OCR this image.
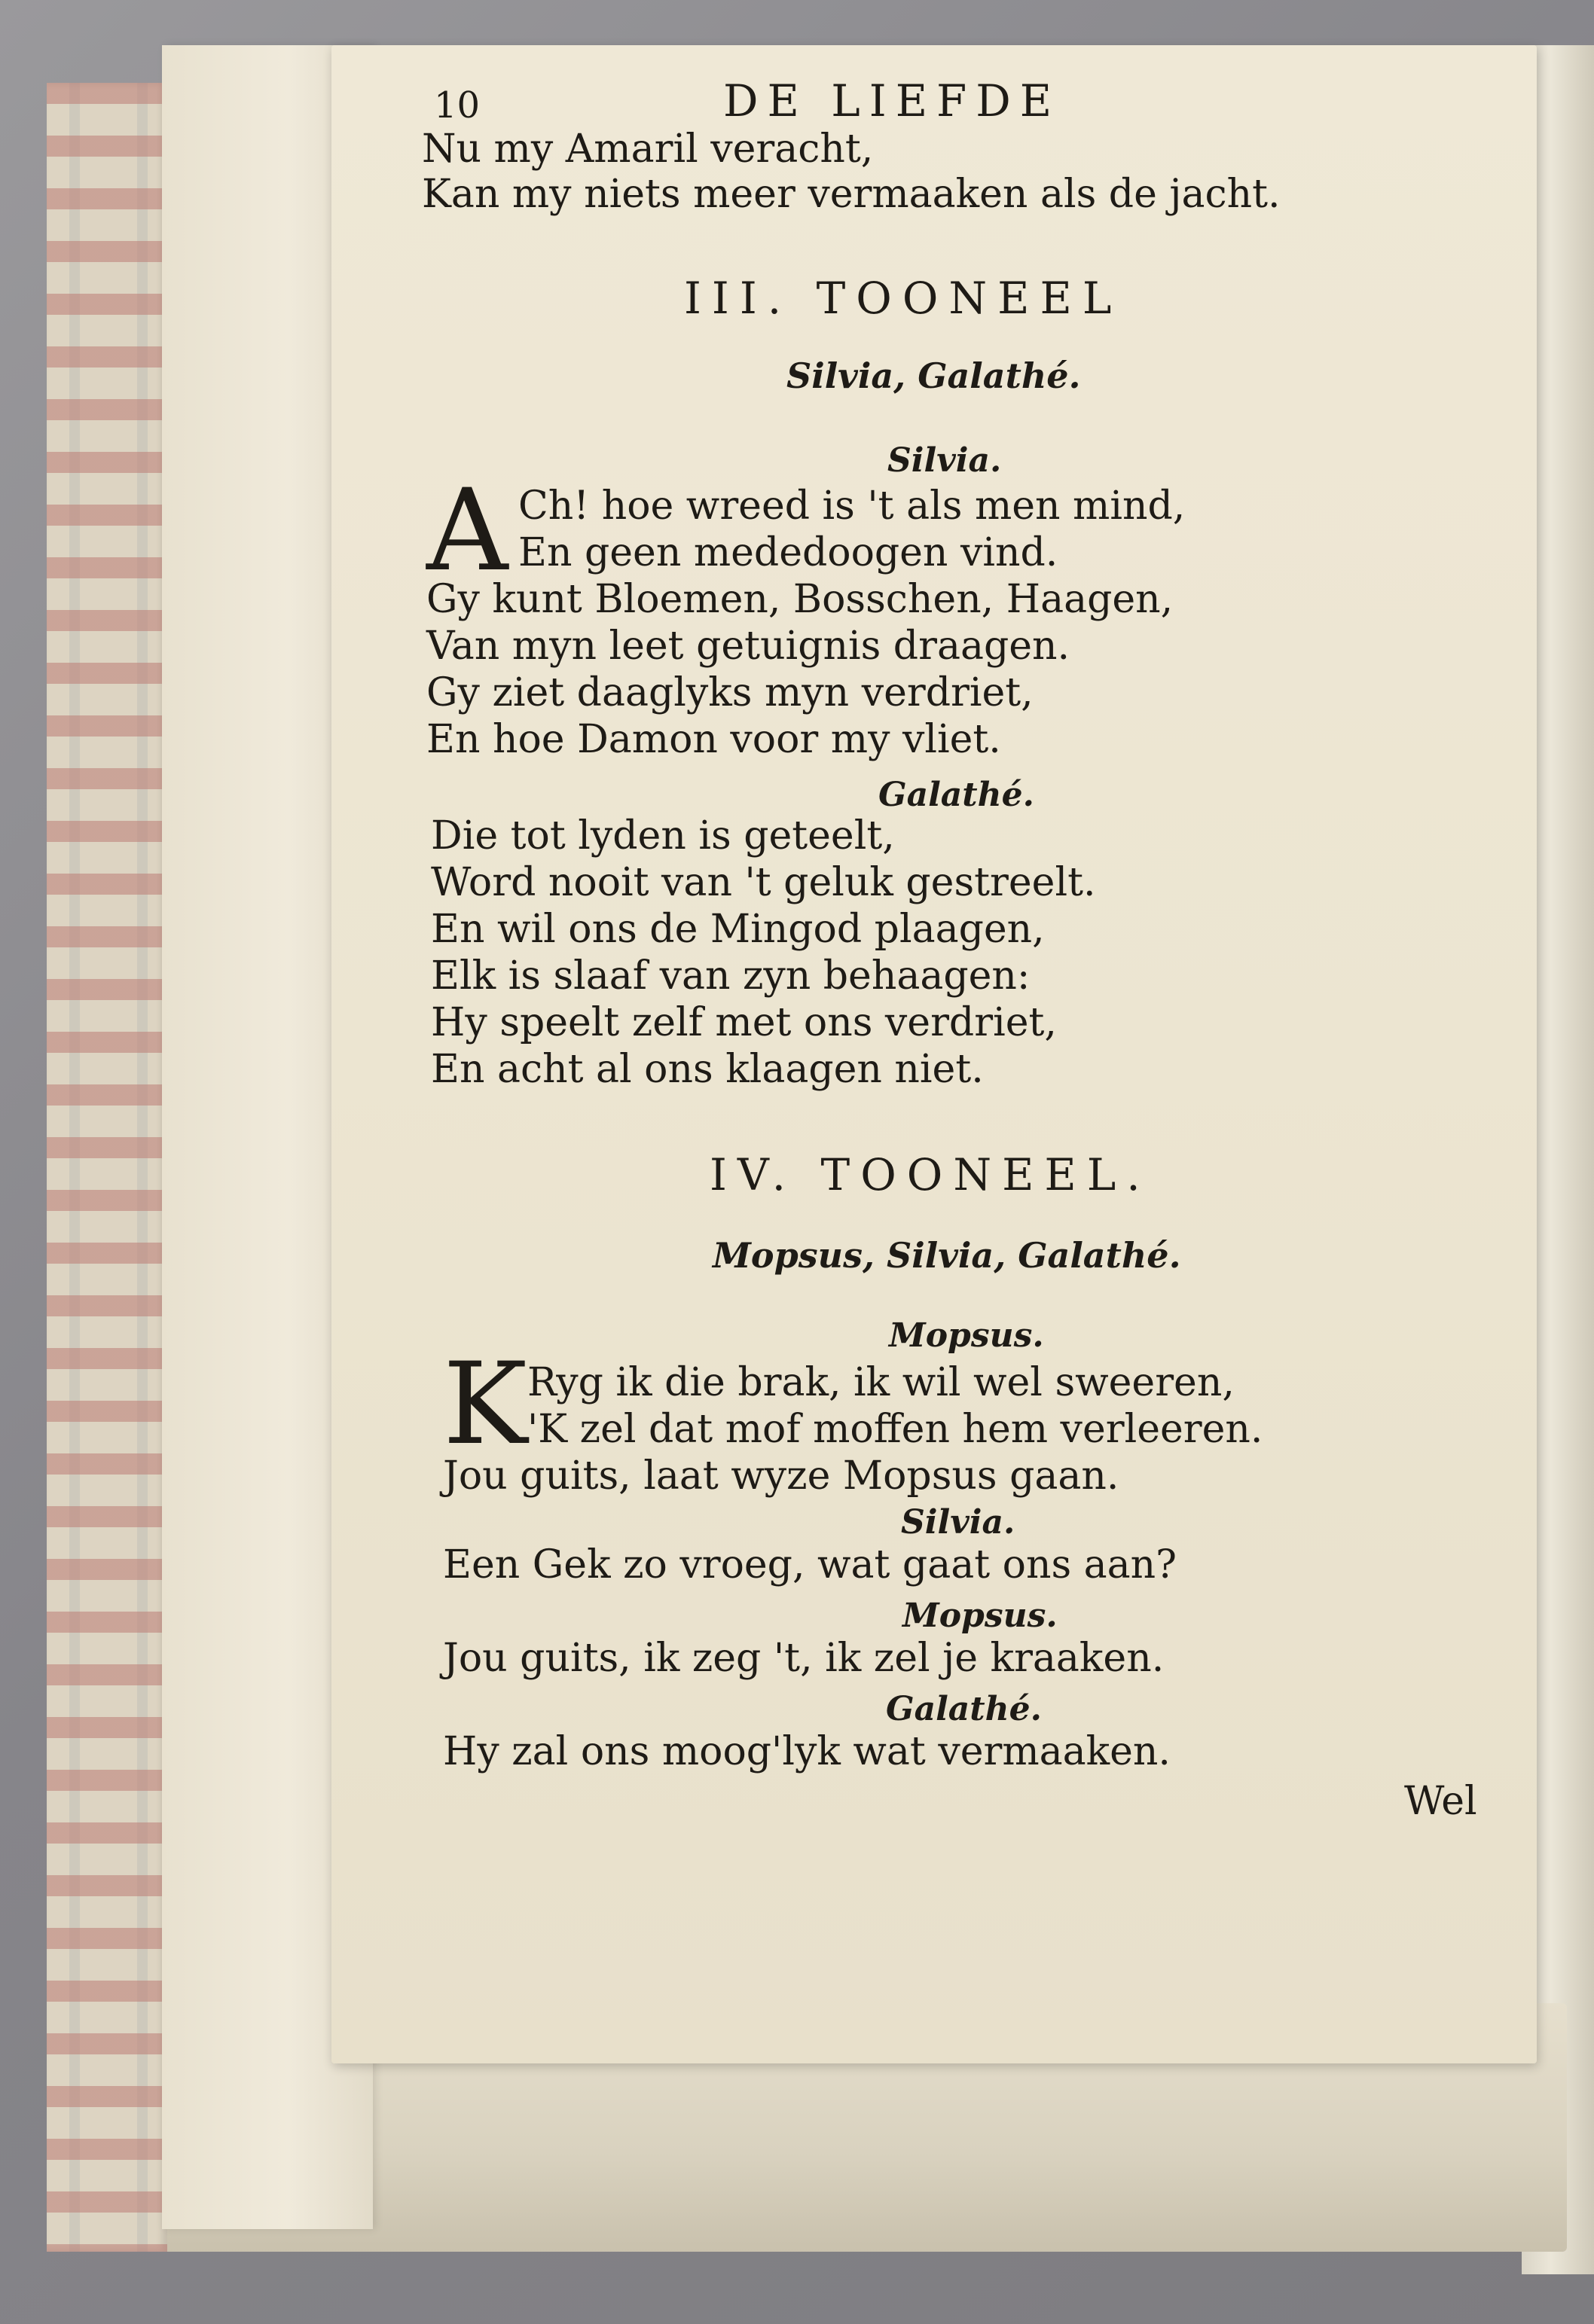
10	DE LIEFDE
Nu my Amaril veracht,
Kan my niets meer vermaaken als de jacht.
III. TOONEEL
Silvia, Galathé.
Silvia.
A Ch! hoe wreed is 't als men mind,
En geen mededoogen vind.
Gy kunt Bloemen, Bosschen, Haagen,
Van myn leet getuignis draagen.
Gy ziet daaglyks myn verdriet,
En hoe Damon voor my vliet.
Galathé.
Die tot lyden is geteelt,
Word nooit van 't geluk gestreelt.
En wil ons de Mingod plaagen,
Elk is slaaf van zyn behaagen:
Hy speelt zelf met ons verdriet,
En acht al ons klaagen niet.
IV. TOONEEL.
Mopsus, Silvia, Galathé.
Mopsus.
K Ryg ik die brak, ik wil wel sweeren,
'K zel dat mof moffen hem verleeren.
Jou guits, laat wyze Mopsus gaan.
Silvia.
Een Gek zo vroeg, wat gaat ons aan?
Mopsus.
Jou guits, ik zeg 't, ik zel je kraaken.
Galathé.
Hy zal ons moog'lyk wat vermaaken.
Wel
